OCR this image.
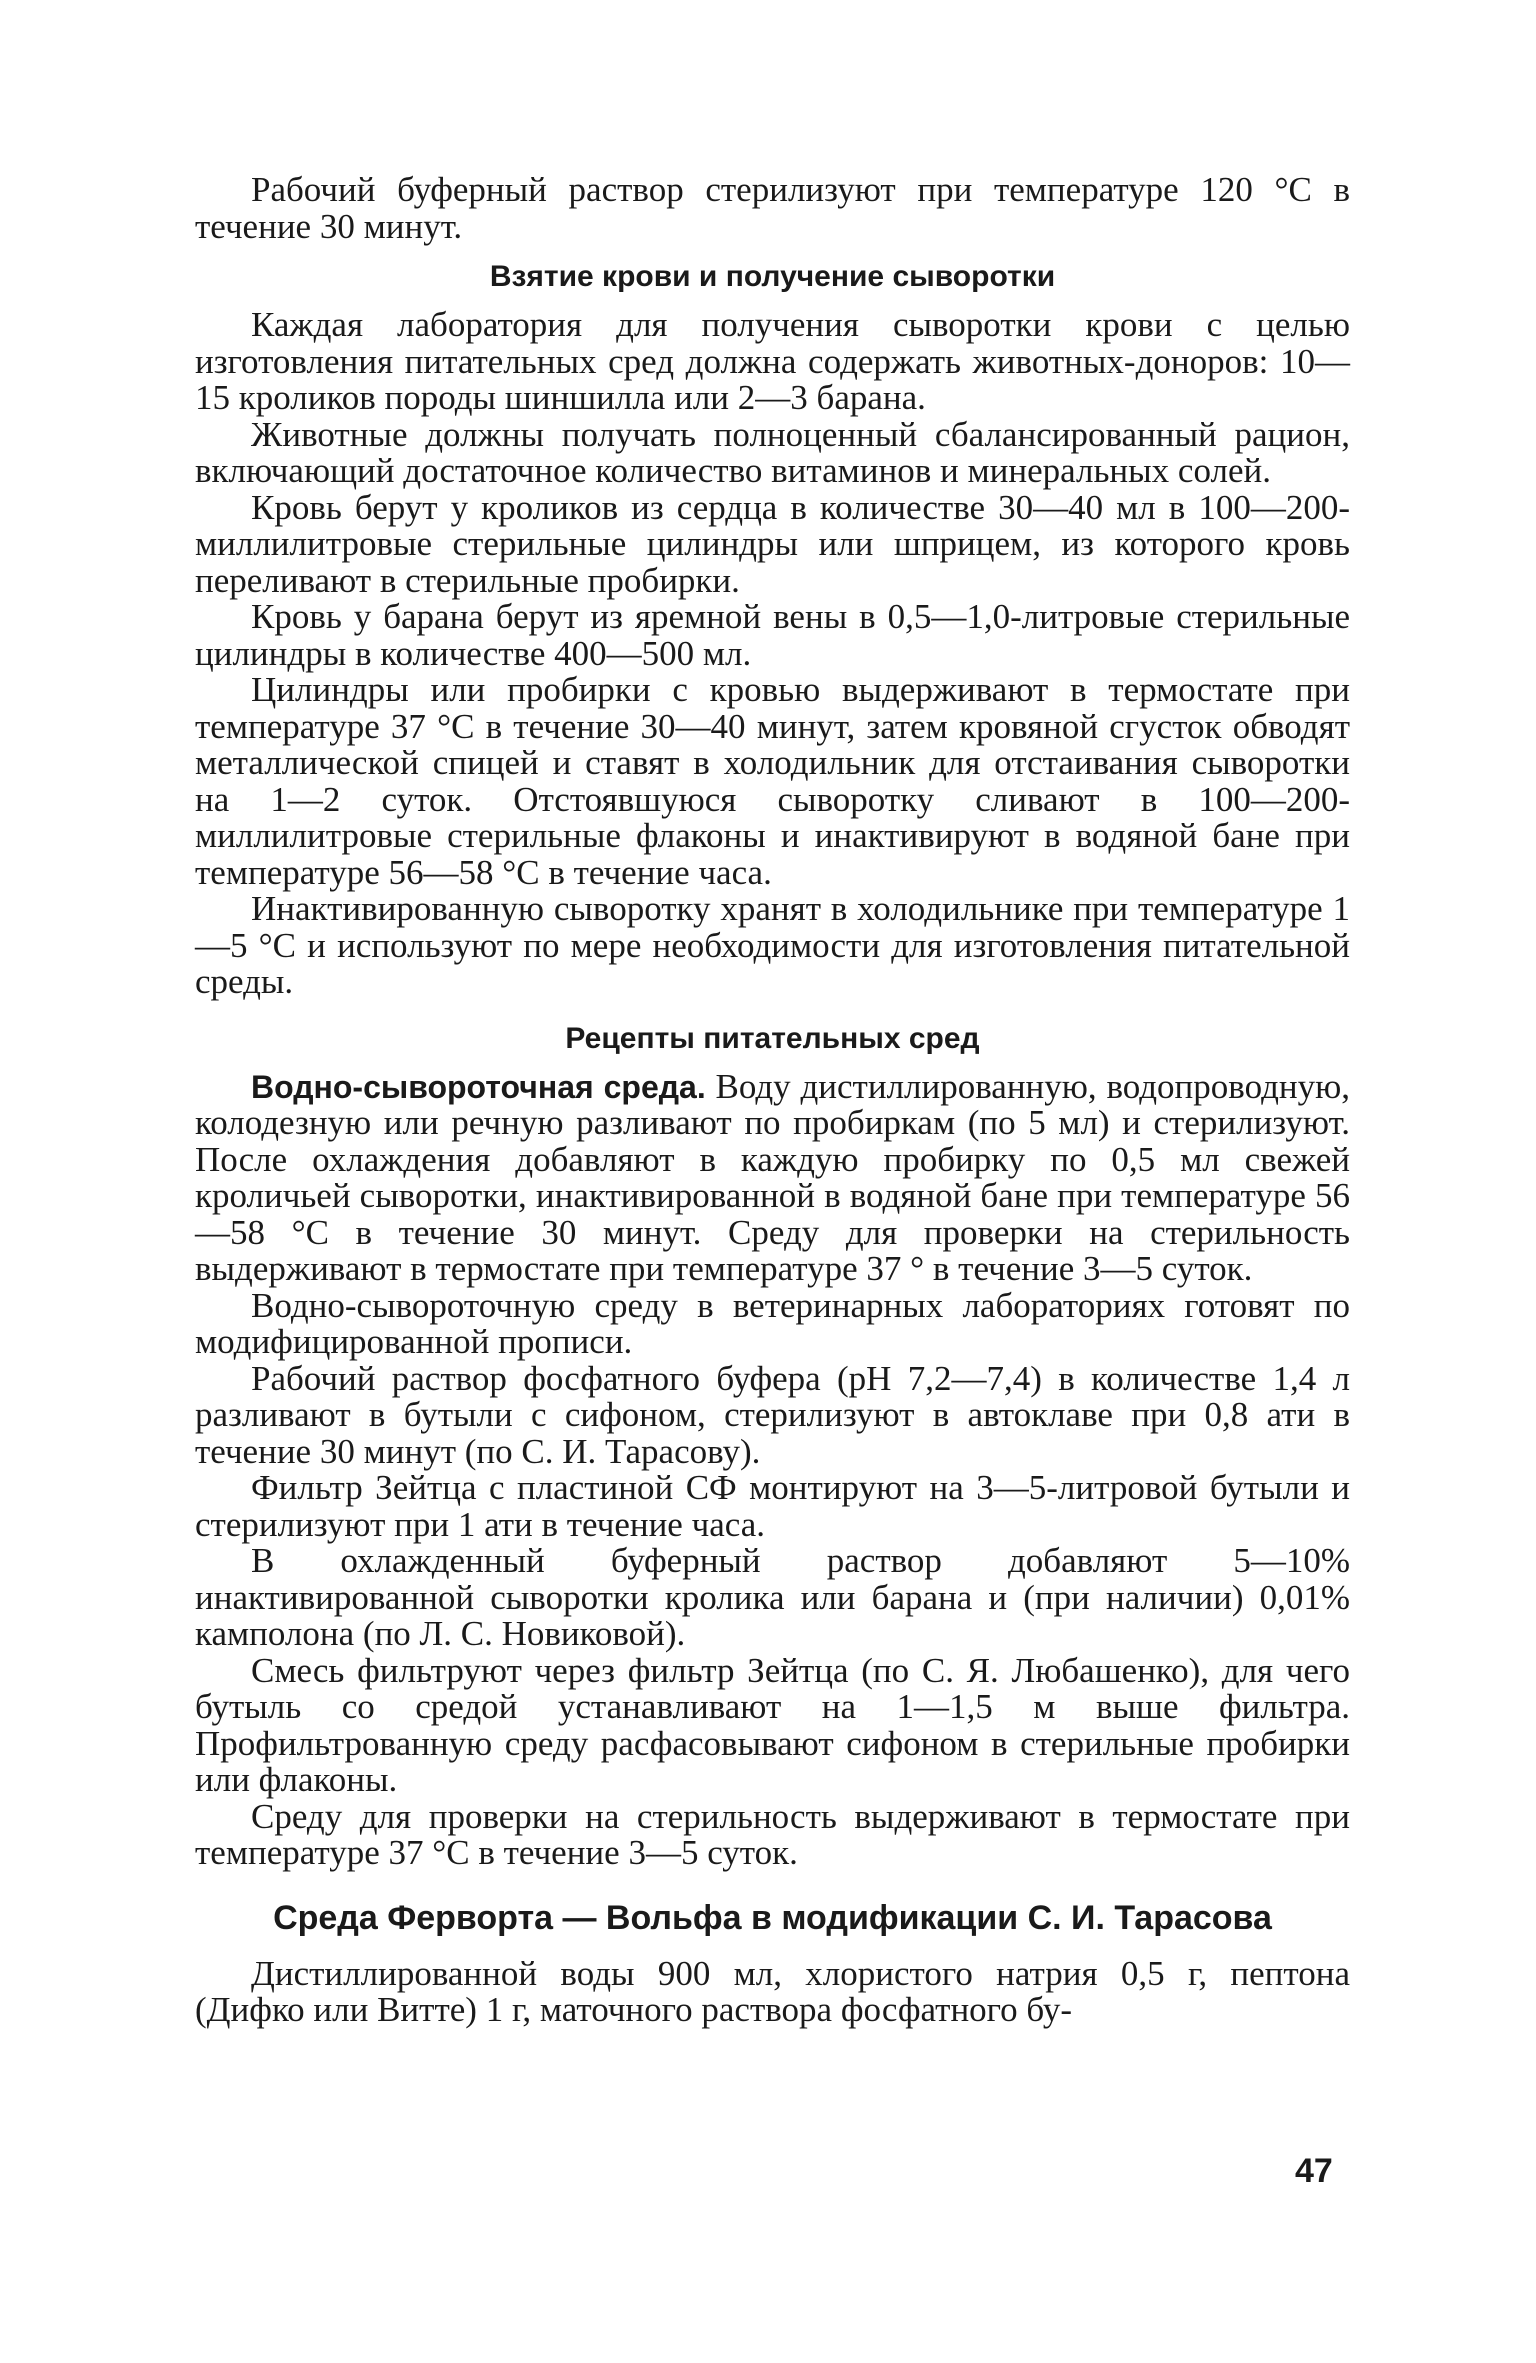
Рабочий буферный раствор стерилизуют при температуре 120 °С в течение 30 минут.

Взятие крови и получение сыворотки

Каждая лаборатория для получения сыворотки крови с целью изготовления питательных сред должна содержать животных-доноров: 10—15 кроликов породы шиншилла или 2—3 барана.

Животные должны получать полноценный сбалансированный рацион, включающий достаточное количество витаминов и минеральных солей.

Кровь берут у кроликов из сердца в количестве 30—40 мл в 100—200-миллилитровые стерильные цилиндры или шприцем, из которого кровь переливают в стерильные пробирки.

Кровь у барана берут из яремной вены в 0,5—1,0-литровые стерильные цилиндры в количестве 400—500 мл.

Цилиндры или пробирки с кровью выдерживают в термостате при температуре 37 °С в течение 30—40 минут, затем кровяной сгусток обводят металлической спицей и ставят в холодильник для отстаивания сыворотки на 1—2 суток. Отстоявшуюся сыворотку сливают в 100—200-миллилитровые стерильные флаконы и инактивируют в водяной бане при температуре 56—58 °С в течение часа.

Инактивированную сыворотку хранят в холодильнике при температуре 1—5 °С и используют по мере необходимости для изготовления питательной среды.

Рецепты питательных сред

Водно-сывороточная среда. Воду дистиллированную, водопроводную, колодезную или речную разливают по пробиркам (по 5 мл) и стерилизуют. После охлаждения добавляют в каждую пробирку по 0,5 мл свежей кроличьей сыворотки, инактивированной в водяной бане при температуре 56—58 °С в течение 30 минут. Среду для проверки на стерильность выдерживают в термостате при температуре 37 ° в течение 3—5 суток.

Водно-сывороточную среду в ветеринарных лабораториях готовят по модифицированной прописи.

Рабочий раствор фосфатного буфера (рН 7,2—7,4) в количестве 1,4 л разливают в бутыли с сифоном, стерилизуют в автоклаве при 0,8 ати в течение 30 минут (по С. И. Тарасову).

Фильтр Зейтца с пластиной СФ монтируют на 3—5-литровой бутыли и стерилизуют при 1 ати в течение часа.

В охлажденный буферный раствор добавляют 5—10% инактивированной сыворотки кролика или барана и (при наличии) 0,01% камполона (по Л. С. Новиковой).

Смесь фильтруют через фильтр Зейтца (по С. Я. Любашенко), для чего бутыль со средой устанавливают на 1—1,5 м выше фильтра. Профильтрованную среду расфасовывают сифоном в стерильные пробирки или флаконы.

Среду для проверки на стерильность выдерживают в термостате при температуре 37 °С в течение 3—5 суток.

Среда Ферворта — Вольфа в модификации С. И. Тарасова

Дистиллированной воды 900 мл, хлористого натрия 0,5 г, пептона (Дифко или Витте) 1 г, маточного раствора фосфатного бу-

47
